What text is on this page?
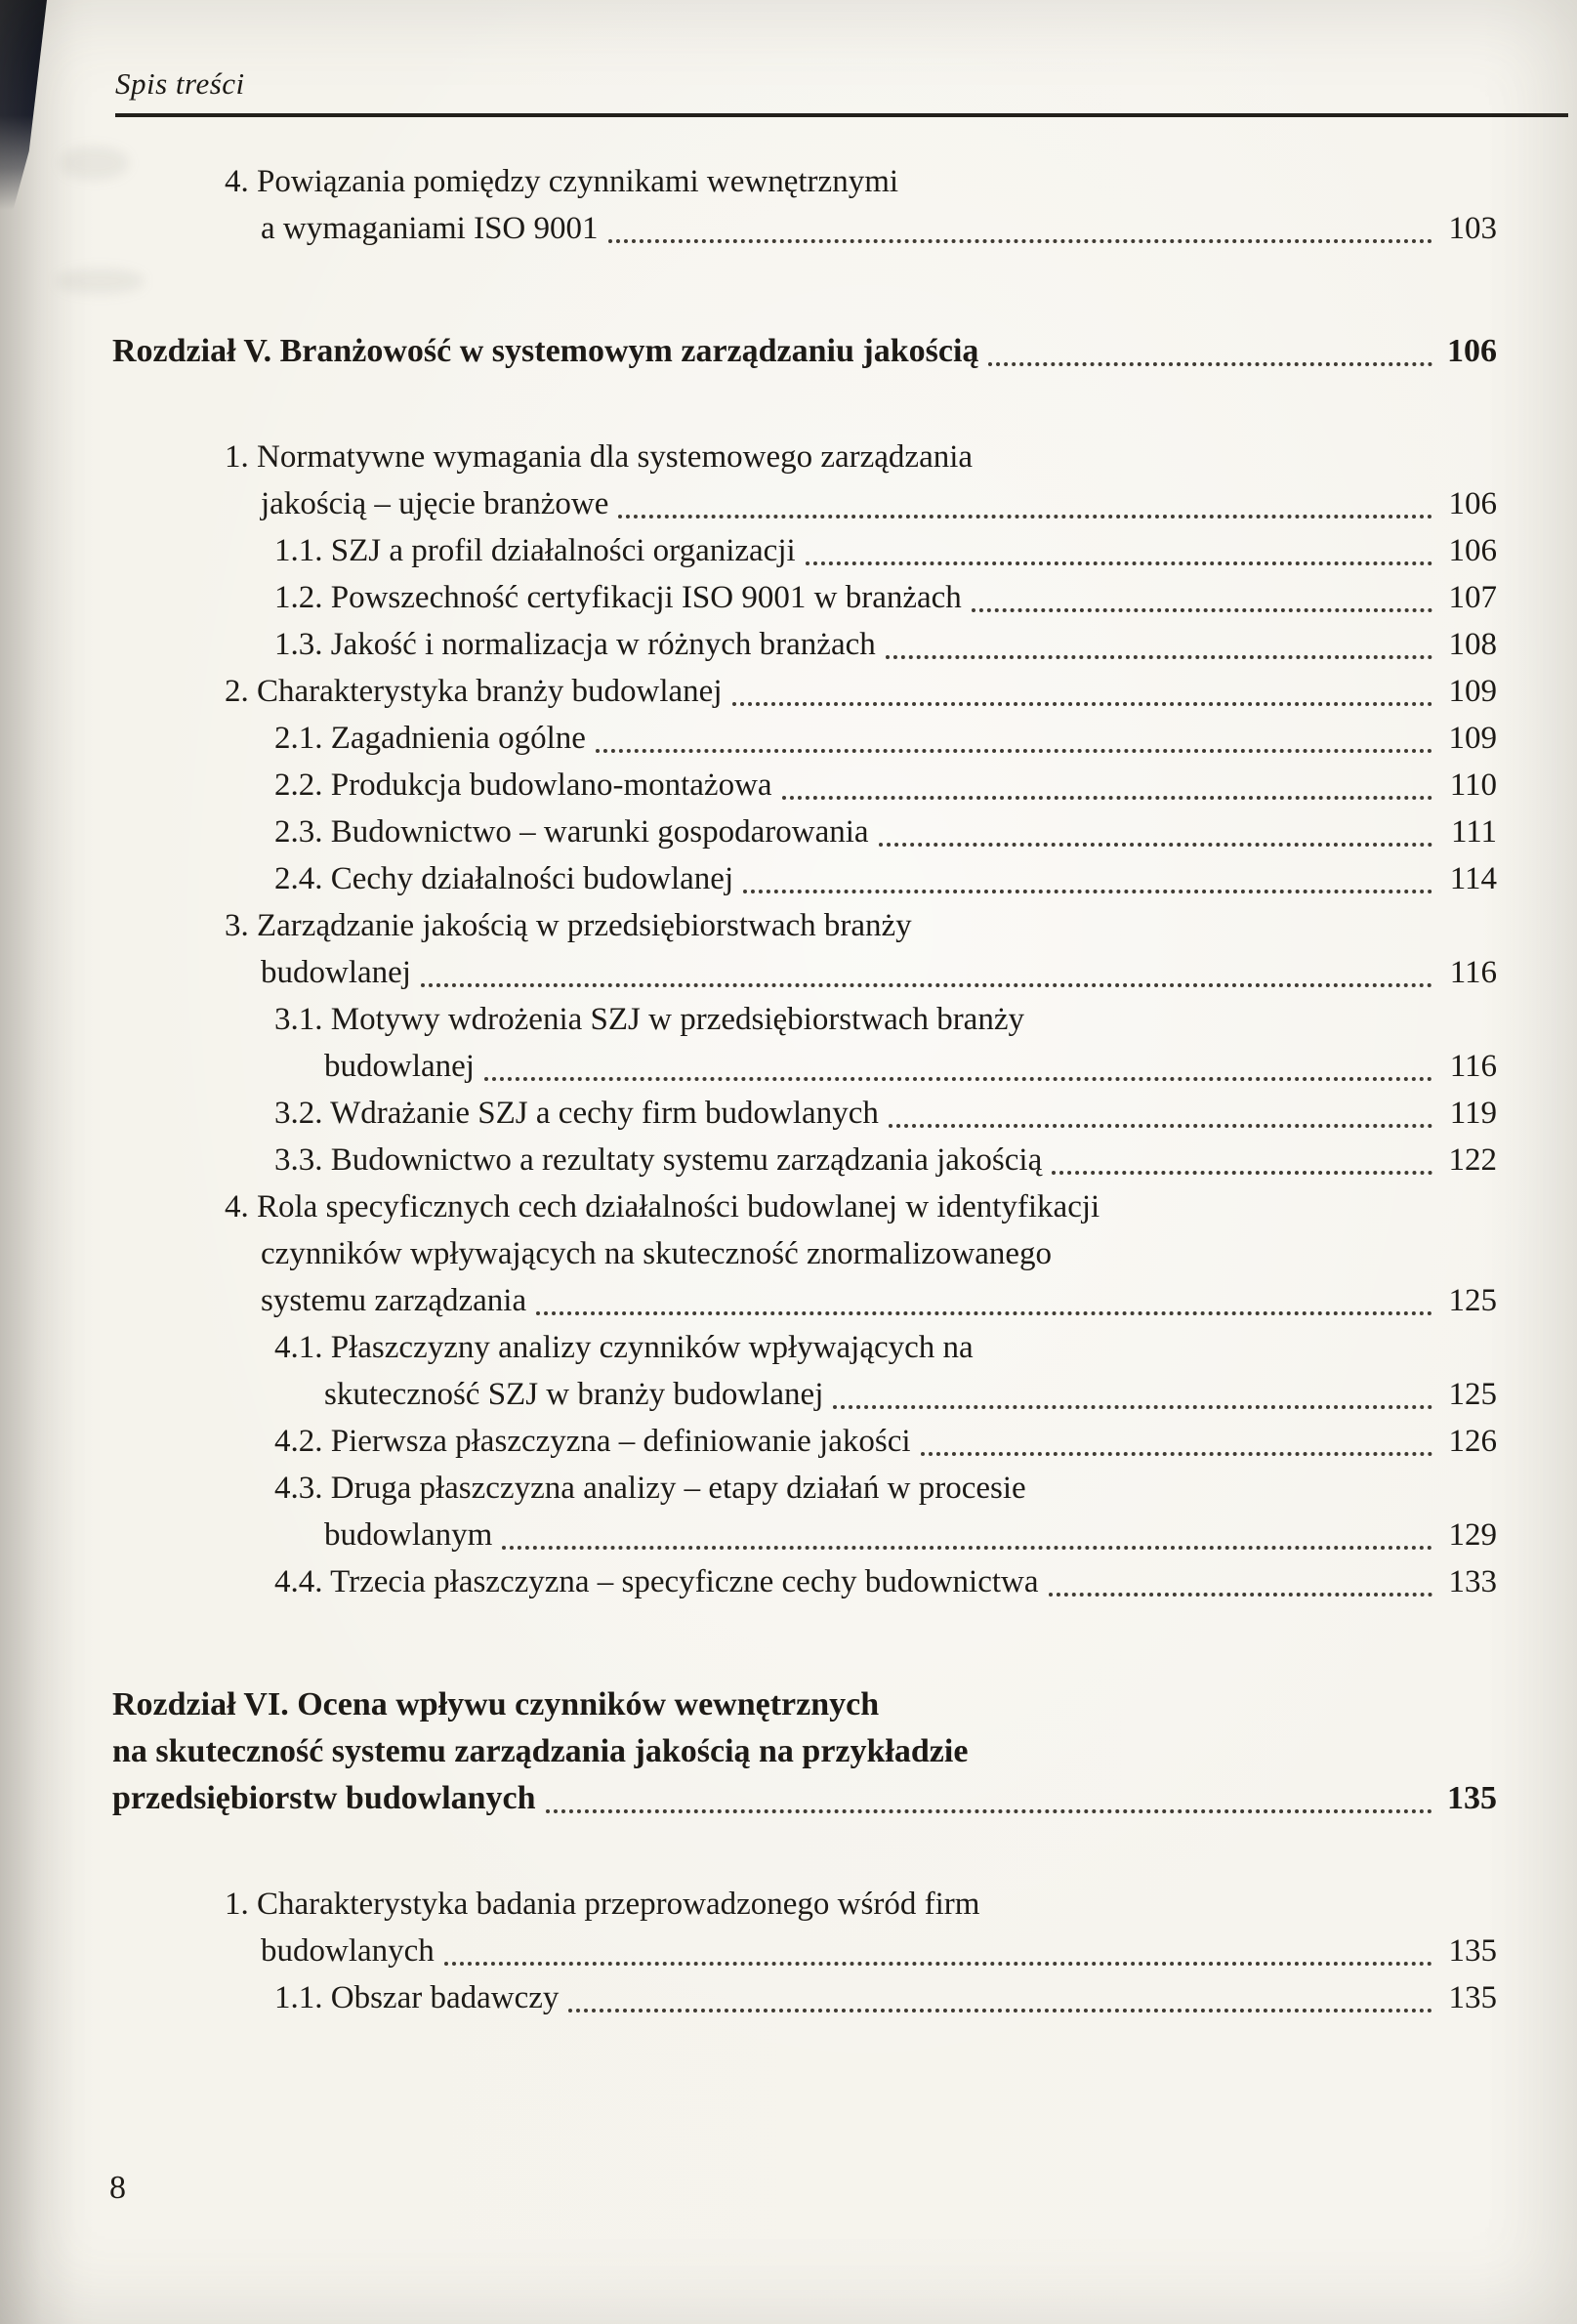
Spis treści
4. Powiązania pomiędzy czynnikami wewnętrznymi
a wymaganiami ISO 9001	103
Rozdział V. Branżowość w systemowym zarządzaniu jakością	106
1. Normatywne wymagania dla systemowego zarządzania
jakością – ujęcie branżowe	106
1.1. SZJ a profil działalności organizacji	106
1.2. Powszechność certyfikacji ISO 9001 w branżach	107
1.3. Jakość i normalizacja w różnych branżach	108
2. Charakterystyka branży budowlanej	109
2.1. Zagadnienia ogólne	109
2.2. Produkcja budowlano-montażowa	110
2.3. Budownictwo – warunki gospodarowania	111
2.4. Cechy działalności budowlanej	114
3. Zarządzanie jakością w przedsiębiorstwach branży
budowlanej	116
3.1. Motywy wdrożenia SZJ w przedsiębiorstwach branży
budowlanej	116
3.2. Wdrażanie SZJ a cechy firm budowlanych	119
3.3. Budownictwo a rezultaty systemu zarządzania jakością	122
4. Rola specyficznych cech działalności budowlanej w identyfikacji
czynników wpływających na skuteczność znormalizowanego
systemu zarządzania	125
4.1. Płaszczyzny analizy czynników wpływających na
skuteczność SZJ w branży budowlanej	125
4.2. Pierwsza płaszczyzna – definiowanie jakości	126
4.3. Druga płaszczyzna analizy – etapy działań w procesie
budowlanym	129
4.4. Trzecia płaszczyzna – specyficzne cechy budownictwa	133
Rozdział VI. Ocena wpływu czynników wewnętrznych
na skuteczność systemu zarządzania jakością na przykładzie
przedsiębiorstw budowlanych	135
1. Charakterystyka badania przeprowadzonego wśród firm
budowlanych	135
1.1. Obszar badawczy	135
8
